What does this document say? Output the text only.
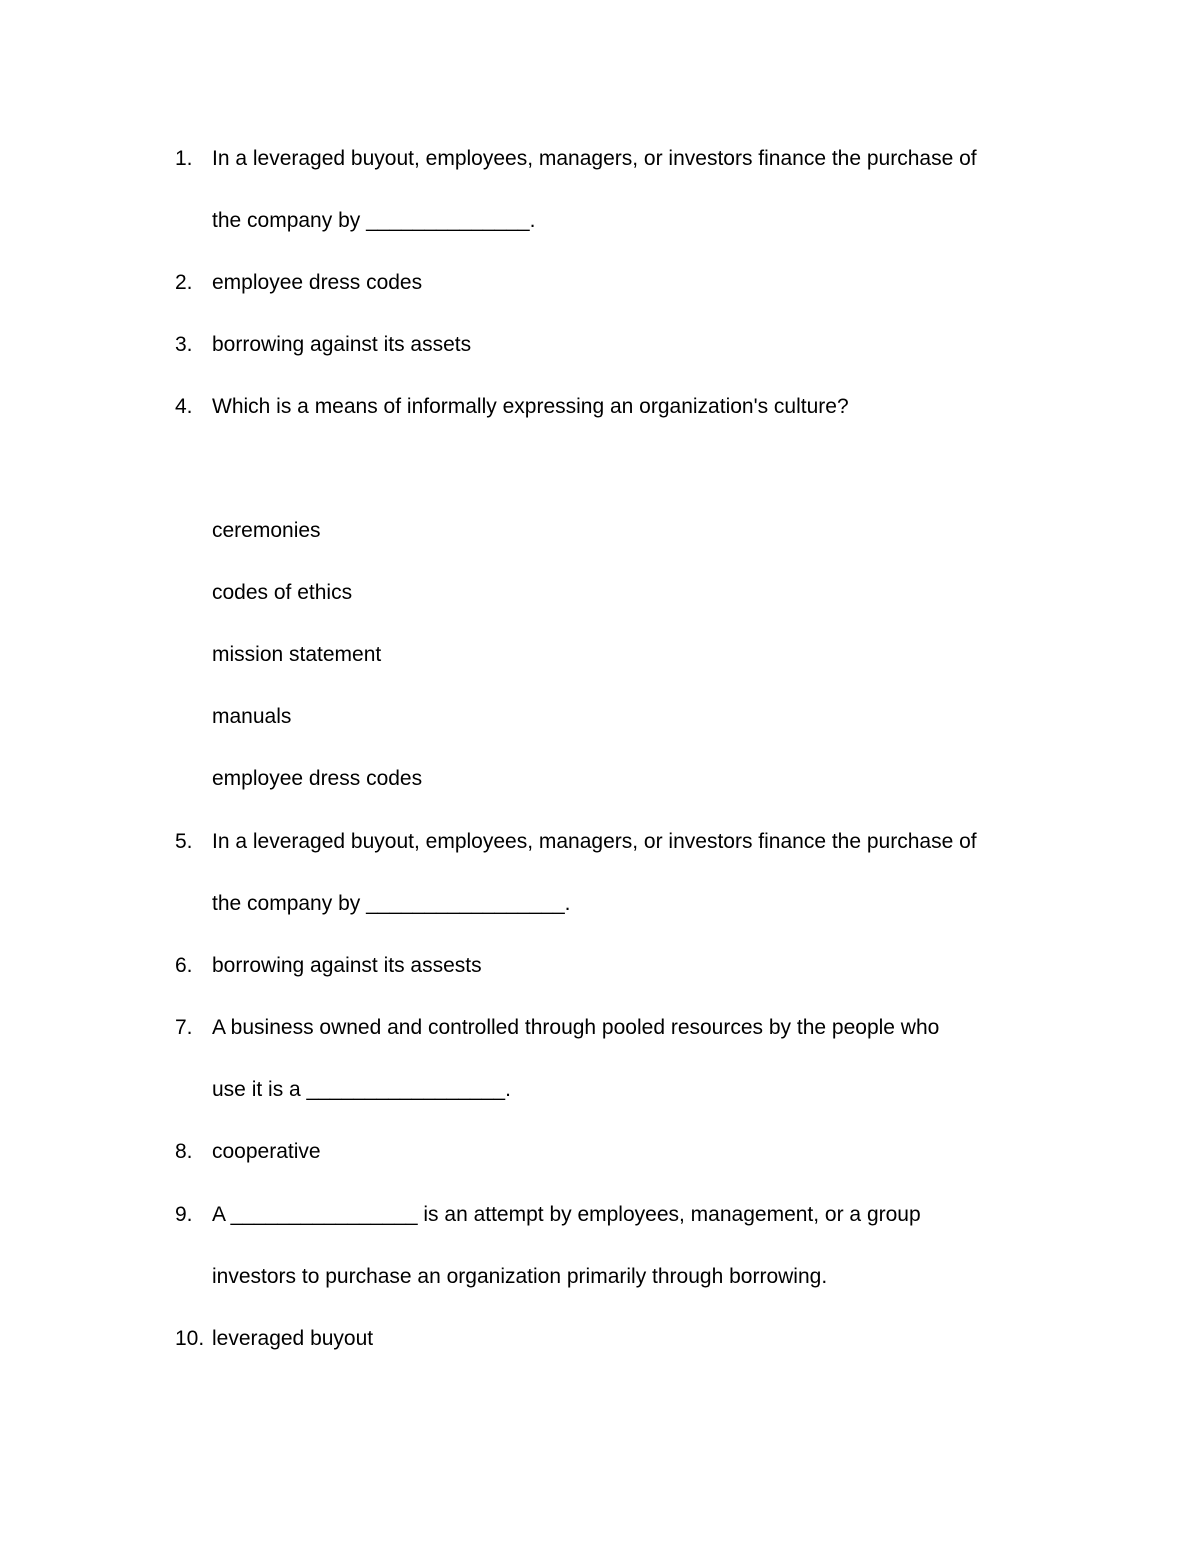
1. In a leveraged buyout, employees, managers, or investors finance the purchase of
the company by ______________.
2. employee dress codes
3. borrowing against its assets
4. Which is a means of informally expressing an organization's culture?
ceremonies
codes of ethics
mission statement
manuals
employee dress codes
5. In a leveraged buyout, employees, managers, or investors finance the purchase of
the company by _________________.
6. borrowing against its assests
7. A business owned and controlled through pooled resources by the people who
use it is a _________________.
8. cooperative
9. A ________________ is an attempt by employees, management, or a group
investors to purchase an organization primarily through borrowing.
10. leveraged buyout
